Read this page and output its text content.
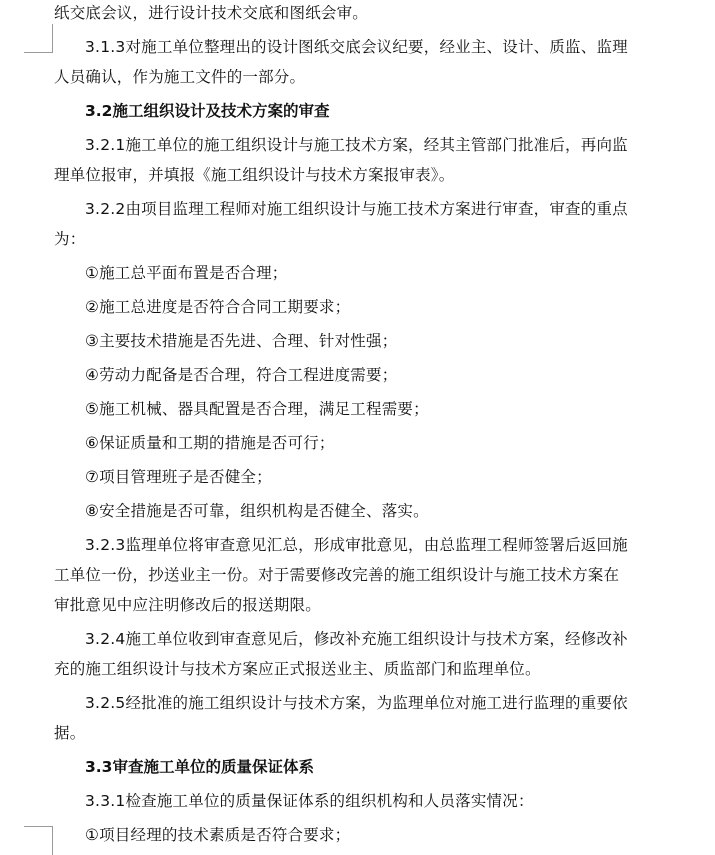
纸交底会议，进行设计技术交底和图纸会审。

3.1.3对施工单位整理出的设计图纸交底会议纪要，经业主、设计、质监、监理

人员确认，作为施工文件的一部分。

3.2施工组织设计及技术方案的审查

3.2.1施工单位的施工组织设计与施工技术方案，经其主管部门批准后，再向监

理单位报审，并填报《施工组织设计与技术方案报审表》。

3.2.2由项目监理工程师对施工组织设计与施工技术方案进行审查，审查的重点

为：

①施工总平面布置是否合理；

②施工总进度是否符合合同工期要求；

③主要技术措施是否先进、合理、针对性强；

④劳动力配备是否合理，符合工程进度需要；

⑤施工机械、器具配置是否合理，满足工程需要；

⑥保证质量和工期的措施是否可行；

⑦项目管理班子是否健全；

⑧安全措施是否可靠，组织机构是否健全、落实。

3.2.3监理单位将审查意见汇总，形成审批意见，由总监理工程师签署后返回施

工单位一份，抄送业主一份。对于需要修改完善的施工组织设计与施工技术方案在

审批意见中应注明修改后的报送期限。

3.2.4施工单位收到审查意见后，修改补充施工组织设计与技术方案，经修改补

充的施工组织设计与技术方案应正式报送业主、质监部门和监理单位。

3.2.5经批准的施工组织设计与技术方案，为监理单位对施工进行监理的重要依

据。

3.3审查施工单位的质量保证体系

3.3.1检查施工单位的质量保证体系的组织机构和人员落实情况：

①项目经理的技术素质是否符合要求；
